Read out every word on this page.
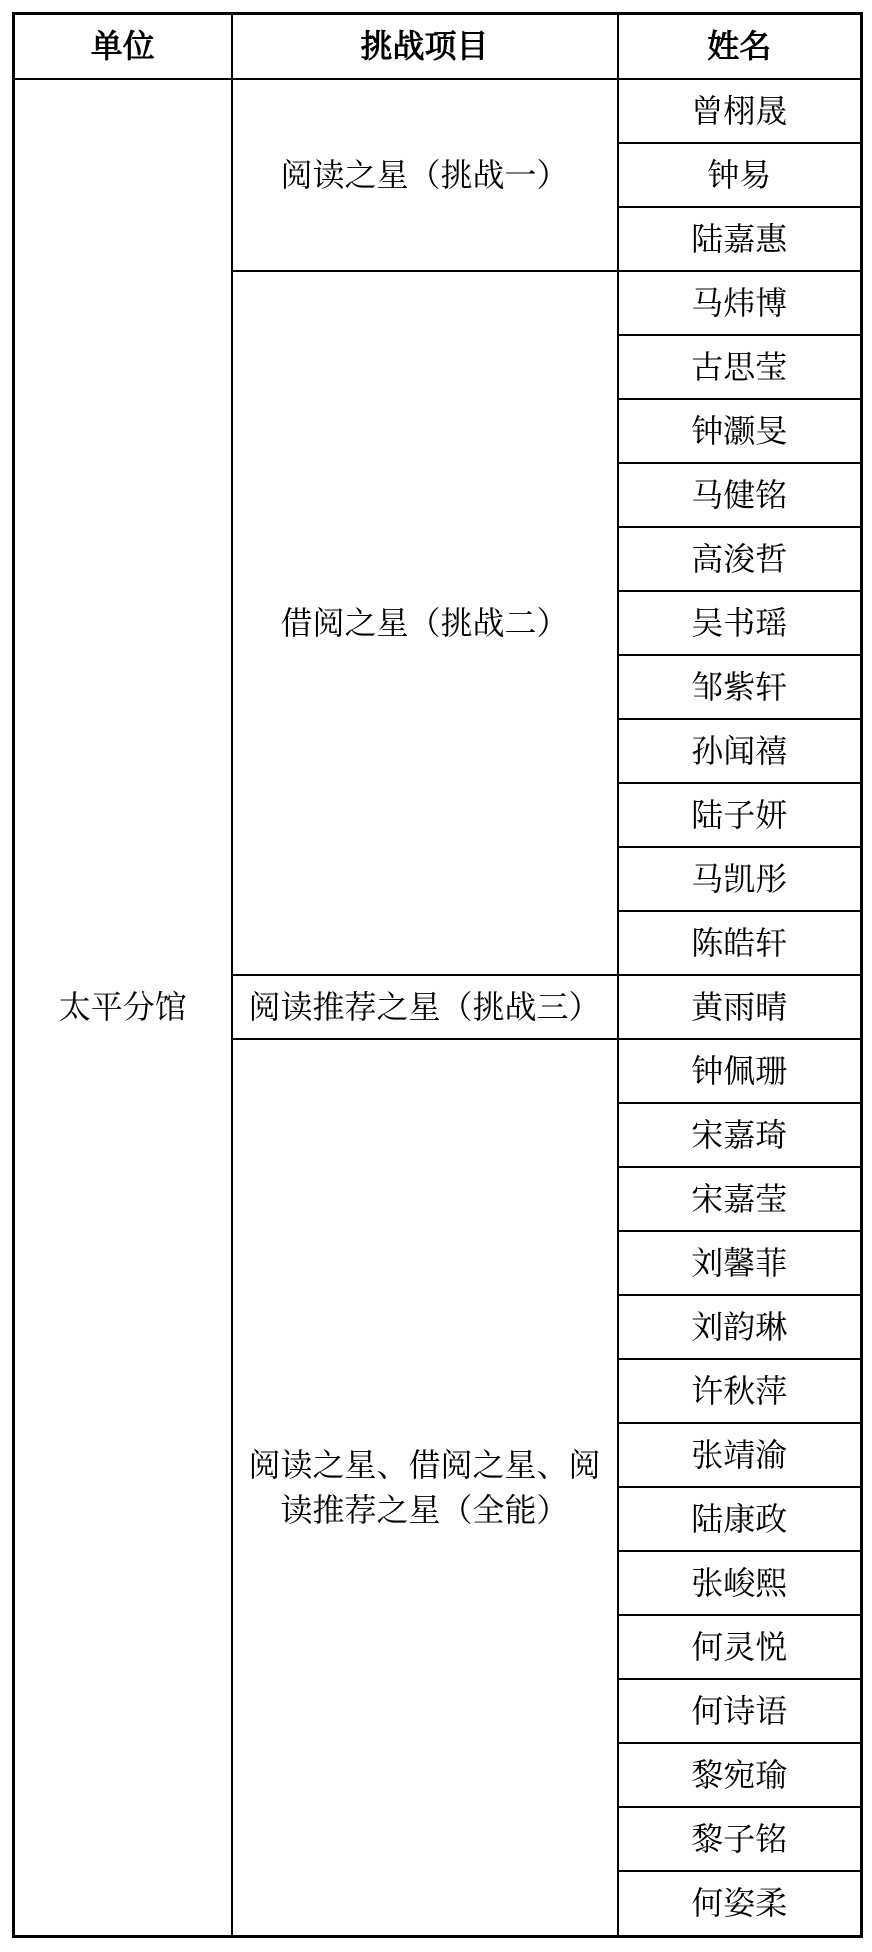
单位	挑战项目	姓名
太平分馆	阅读之星（挑战一）	曾栩晟
		钟易
		陆嘉惠
	借阅之星（挑战二）	马炜博
		古思莹
		钟灏旻
		马健铭
		高浚哲
		吴书瑶
		邹紫轩
		孙闻禧
		陆子妍
		马凯彤
		陈皓轩
	阅读推荐之星（挑战三）	黄雨晴
	阅读之星、借阅之星、阅读推荐之星（全能）	钟佩珊
		宋嘉琦
		宋嘉莹
		刘馨菲
		刘韵琳
		许秋萍
		张靖渝
		陆康政
		张峻熙
		何灵悦
		何诗语
		黎宛瑜
		黎子铭
		何姿柔
